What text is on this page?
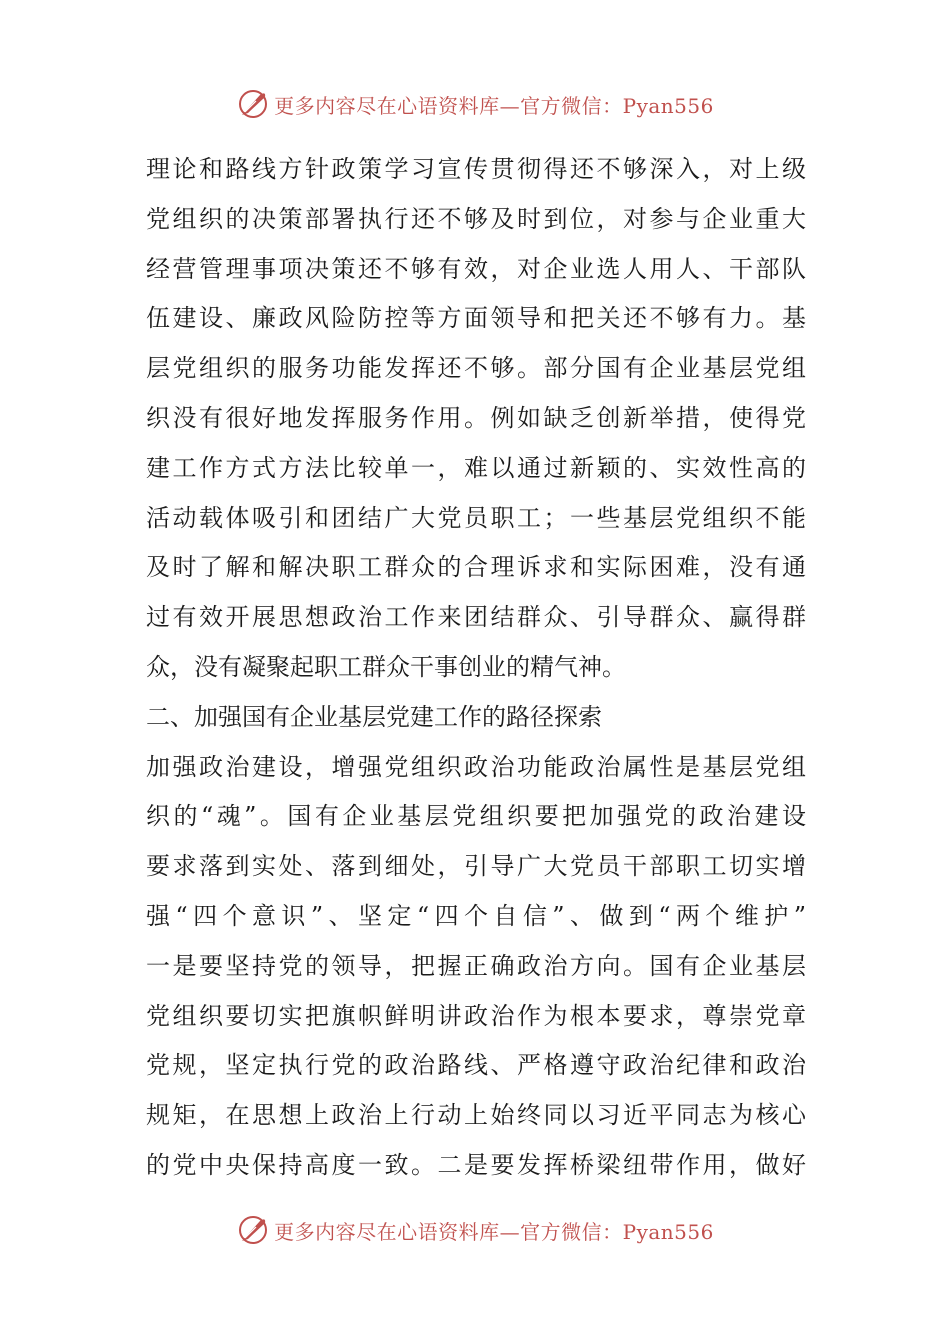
更多内容尽在心语资料库—官方微信：Pyan556
理论和路线方针政策学习宣传贯彻得还不够深入，对上级
党组织的决策部署执行还不够及时到位，对参与企业重大
经营管理事项决策还不够有效，对企业选人用人、干部队
伍建设、廉政风险防控等方面领导和把关还不够有力。基
层党组织的服务功能发挥还不够。部分国有企业基层党组
织没有很好地发挥服务作用。例如缺乏创新举措，使得党
建工作方式方法比较单一，难以通过新颖的、实效性高的
活动载体吸引和团结广大党员职工；一些基层党组织不能
及时了解和解决职工群众的合理诉求和实际困难，没有通
过有效开展思想政治工作来团结群众、引导群众、赢得群
众，没有凝聚起职工群众干事创业的精气神。
二、加强国有企业基层党建工作的路径探索
加强政治建设，增强党组织政治功能政治属性是基层党组
织的“魂”。国有企业基层党组织要把加强党的政治建设
要求落到实处、落到细处，引导广大党员干部职工切实增
强“四个意识”、坚定“四个自信”、做到“两个维护”
一是要坚持党的领导，把握正确政治方向。国有企业基层
党组织要切实把旗帜鲜明讲政治作为根本要求，尊崇党章
党规，坚定执行党的政治路线、严格遵守政治纪律和政治
规矩，在思想上政治上行动上始终同以习近平同志为核心
的党中央保持高度一致。二是要发挥桥梁纽带作用，做好
更多内容尽在心语资料库—官方微信：Pyan556
